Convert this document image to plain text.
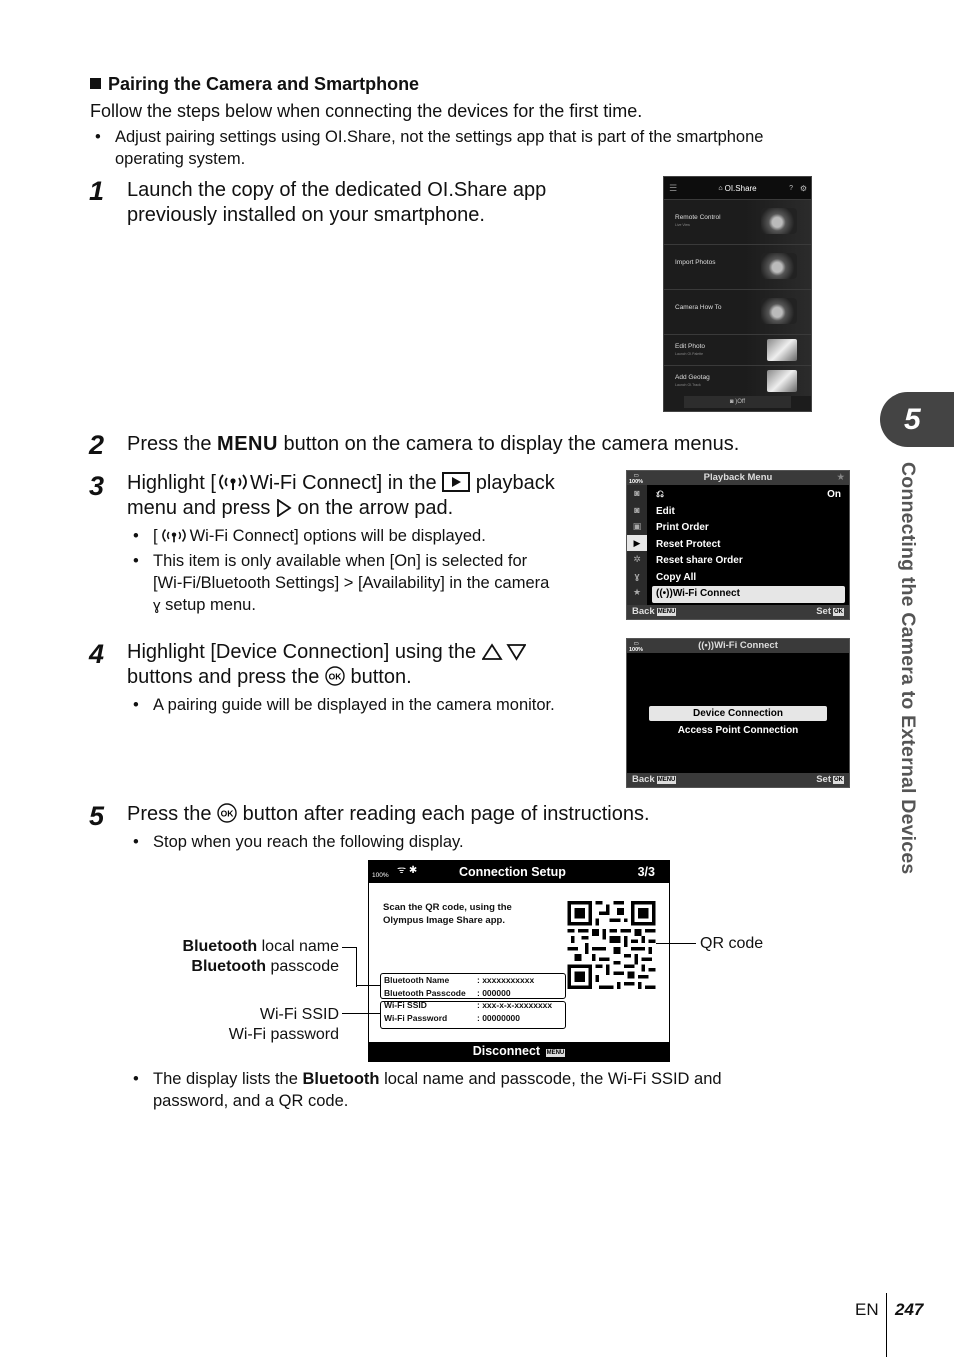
Pairing the Camera and Smartphone
Follow the steps below when connecting the devices for the first time.
• Adjust pairing settings using OI.Share, not the settings app that is part of the smartphone
operating system.
1 Launch the copy of the dedicated OI.Share app
previously installed on your smartphone.
☰	⌂ OI.Share	? ⚙
Remote Control
Live View
Import Photos
Camera How To
Edit Photo
Launch OI.Palette
Add Geotag
Launch OI.Track
◙ )Off
2 Press the MENU button on the camera to display the camera menus.
3 Highlight [ Wi-Fi Connect] in the playback
menu and press on the arrow pad.
• [ Wi-Fi Connect] options will be displayed.
• This item is only available when [On] is selected for
[Wi-Fi/Bluetooth Settings] > [Availability] in the camera
ɣ setup menu.
▭
100%	Playback Menu	★
◙
◙
▣
▶
✲
ɣ
★
⎌	On
Edit
Print Order
Reset Protect
Reset share Order
Copy All
((•))Wi-Fi Connect
Back MENU	Set OK
4 Highlight [Device Connection] using the
buttons and press the OK button.
• A pairing guide will be displayed in the camera monitor.
▭
100%	((•))Wi-Fi Connect
Device Connection
Access Point Connection
Back MENU	Set OK
5 Press the OK button after reading each page of instructions.
• Stop when you reach the following display.
100% ᯤ ✱	Connection Setup	3/3
Scan the QR code, using the Olympus Image Share app.
Bluetooth Name	: xxxxxxxxxxx
Bluetooth Passcode : 000000
Wi-Fi SSID	: xxx-x-x-xxxxxxxx
Wi-Fi Password	: 00000000
Disconnect MENU
Bluetooth local name
Bluetooth passcode
Wi-Fi SSID
Wi-Fi password
QR code
• The display lists the Bluetooth local name and passcode, the Wi-Fi SSID and
password, and a QR code.
5
Connecting the Camera to External Devices
EN 247
